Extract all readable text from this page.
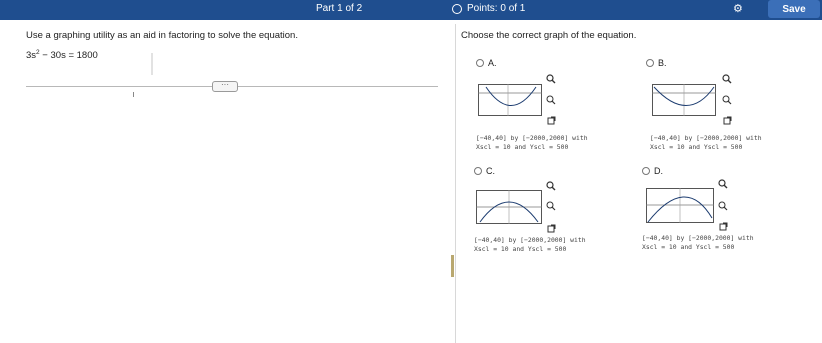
Part 1 of 2	Points: 0 of 1	⚙	Save
Use a graphing utility as an aid in factoring to solve the equation.
$3s^2 - 30s = 1800$
···
Choose the correct graph of the equation.
A.
[−40,40] by [−2000,2000] with
Xscl = 10 and Yscl = 500
B.
[−40,40] by [−2000,2000] with
Xscl = 10 and Yscl = 500
C.
[−40,40] by [−2000,2000] with
Xscl = 10 and Yscl = 500
D.
[−40,40] by [−2000,2000] with
Xscl = 10 and Yscl = 500
